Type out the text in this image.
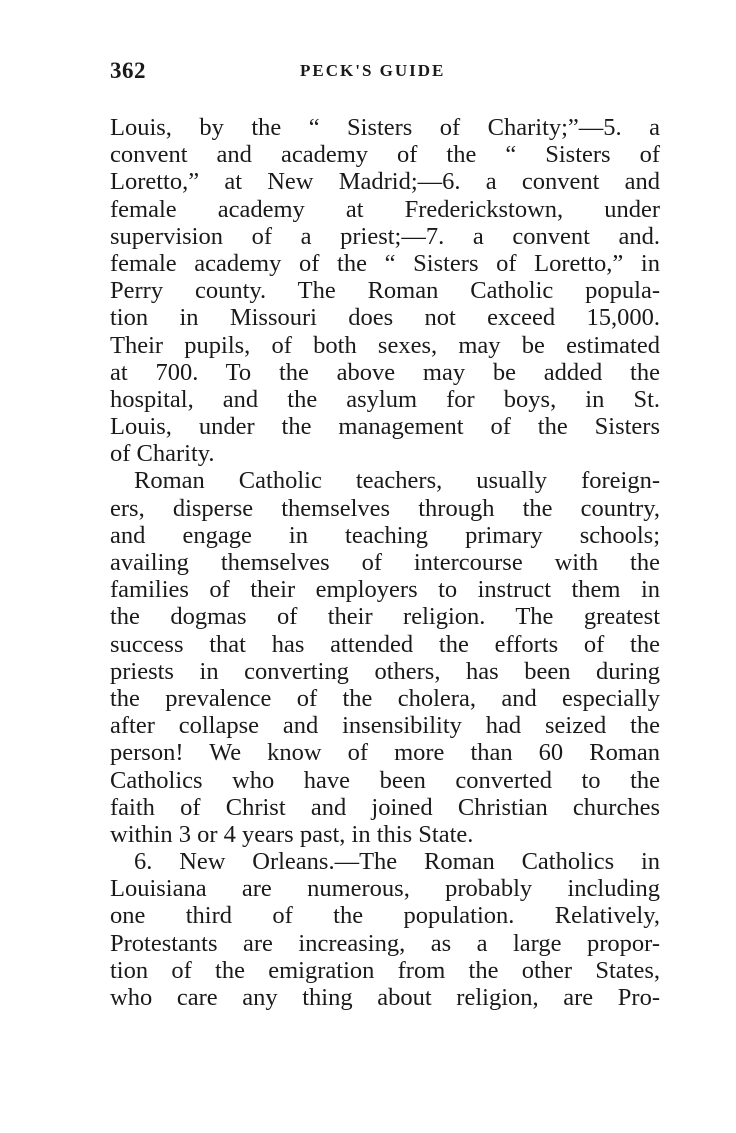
362	PECK'S GUIDE
Louis, by the “ Sisters of Charity;”—5. a
convent and academy of the “ Sisters of
Loretto,” at New Madrid;—6. a convent and
female academy at Frederickstown, under
supervision of a priest;—7. a convent and.
female academy of the “ Sisters of Loretto,” in
Perry county. The Roman Catholic popula-
tion in Missouri does not exceed 15,000.
Their pupils, of both sexes, may be estimated
at 700. To the above may be added the
hospital, and the asylum for boys, in St.
Louis, under the management of the Sisters
of Charity.
Roman Catholic teachers, usually foreign-
ers, disperse themselves through the country,
and engage in teaching primary schools;
availing themselves of intercourse with the
families of their employers to instruct them in
the dogmas of their religion. The greatest
success that has attended the efforts of the
priests in converting others, has been during
the prevalence of the cholera, and especially
after collapse and insensibility had seized the
person! We know of more than 60 Roman
Catholics who have been converted to the
faith of Christ and joined Christian churches
within 3 or 4 years past, in this State.
6. New Orleans.—The Roman Catholics in
Louisiana are numerous, probably including
one third of the population. Relatively,
Protestants are increasing, as a large propor-
tion of the emigration from the other States,
who care any thing about religion, are Pro-
